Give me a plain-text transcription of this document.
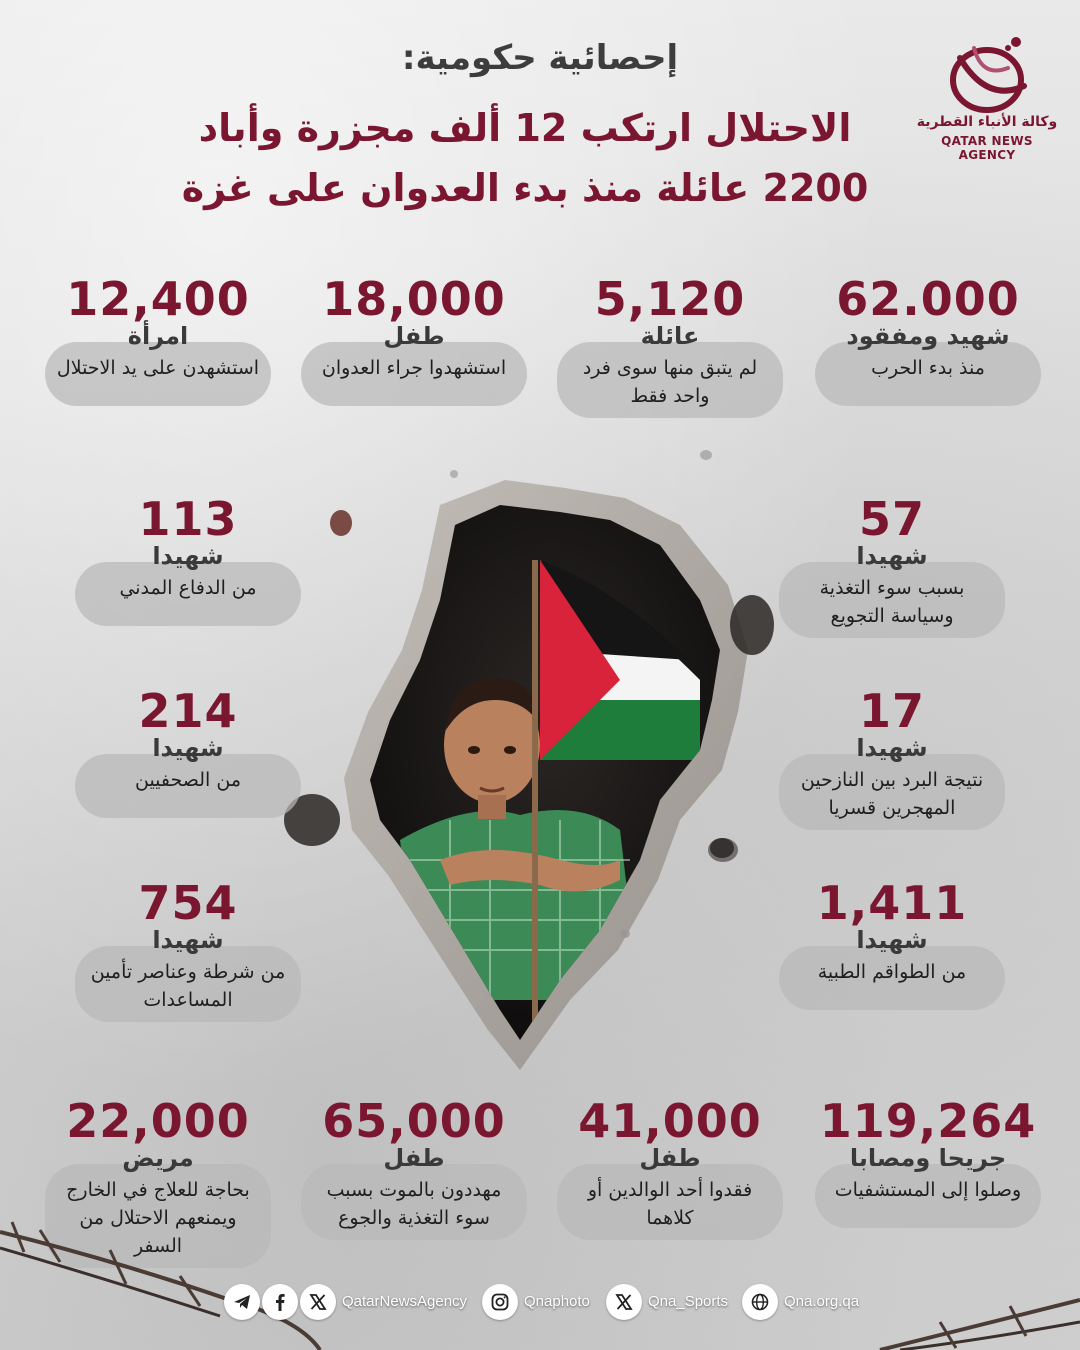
إحصائية حكومية:
الاحتلال ارتكب 12 ألف مجزرة وأباد
2200 عائلة منذ بدء العدوان على غزة
وكالة الأنباء القطرية
QATAR NEWS AGENCY
62.000
شهيد ومفقود
منذ بدء الحرب
5,120
عائلة
لم يتبق منها سوى فرد واحد فقط
18,000
طفل
استشهدوا جراء العدوان
12,400
امرأة
استشهدن على يد الاحتلال
57
شهيدا
بسبب سوء التغذية وسياسة التجويع
17
شهيدا
نتيجة البرد بين النازحين المهجرين قسريا
1,411
شهيدا
من الطواقم الطبية
113
شهيدا
من الدفاع المدني
214
شهيدا
من الصحفيين
754
شهيدا
من شرطة وعناصر تأمين المساعدات
119,264
جريحا ومصابا
وصلوا إلى المستشفيات
41,000
طفل
فقدوا أحد الوالدين أو كلاهما
65,000
طفل
مهددون بالموت بسبب سوء التغذية والجوع
22,000
مريض
بحاجة للعلاج في الخارج ويمنعهم الاحتلال من السفر
QatarNewsAgency	Qnaphoto	Qna_Sports	Qna.org.qa
